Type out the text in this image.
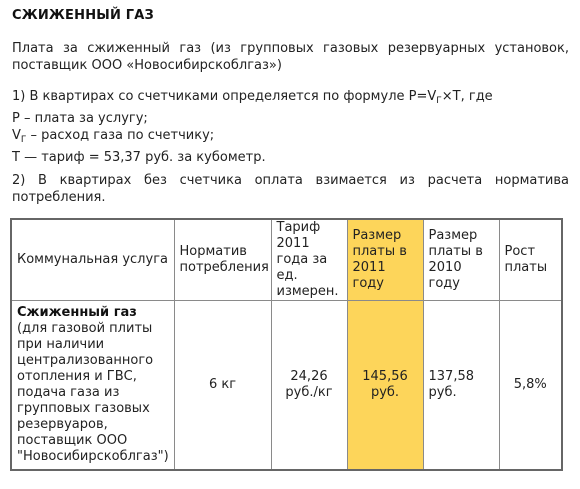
СЖИЖЕННЫЙ ГАЗ
Плата за сжиженный газ (из групповых газовых резервуарных установок,
поставщик ООО «Новосибирскоблгаз»)
1) В квартирах со счетчиками определяется по формуле $P=V_Г\times T$, где
P – плата за услугу;
$V_Г$ – расход газа по счетчику;
T — тариф = 53,37 руб. за кубометр.
2) В квартирах без счетчика оплата взимается из расчета норматива
потребления.
Коммунальная услуга	Норматив потребления	Тариф 2011 года за ед. измерен.	Размер платы в 2011 году	Размер платы в 2010 году	Рост платы

Сжиженный газ
(для газовой плиты при наличии централизованного отопления и ГВС, подача газа из групповых газовых резервуаров, поставщик ООО "Новосибирскоблгаз")	6 кг	24,26 руб./кг	145,56 руб.	137,58 руб.	5,8%
